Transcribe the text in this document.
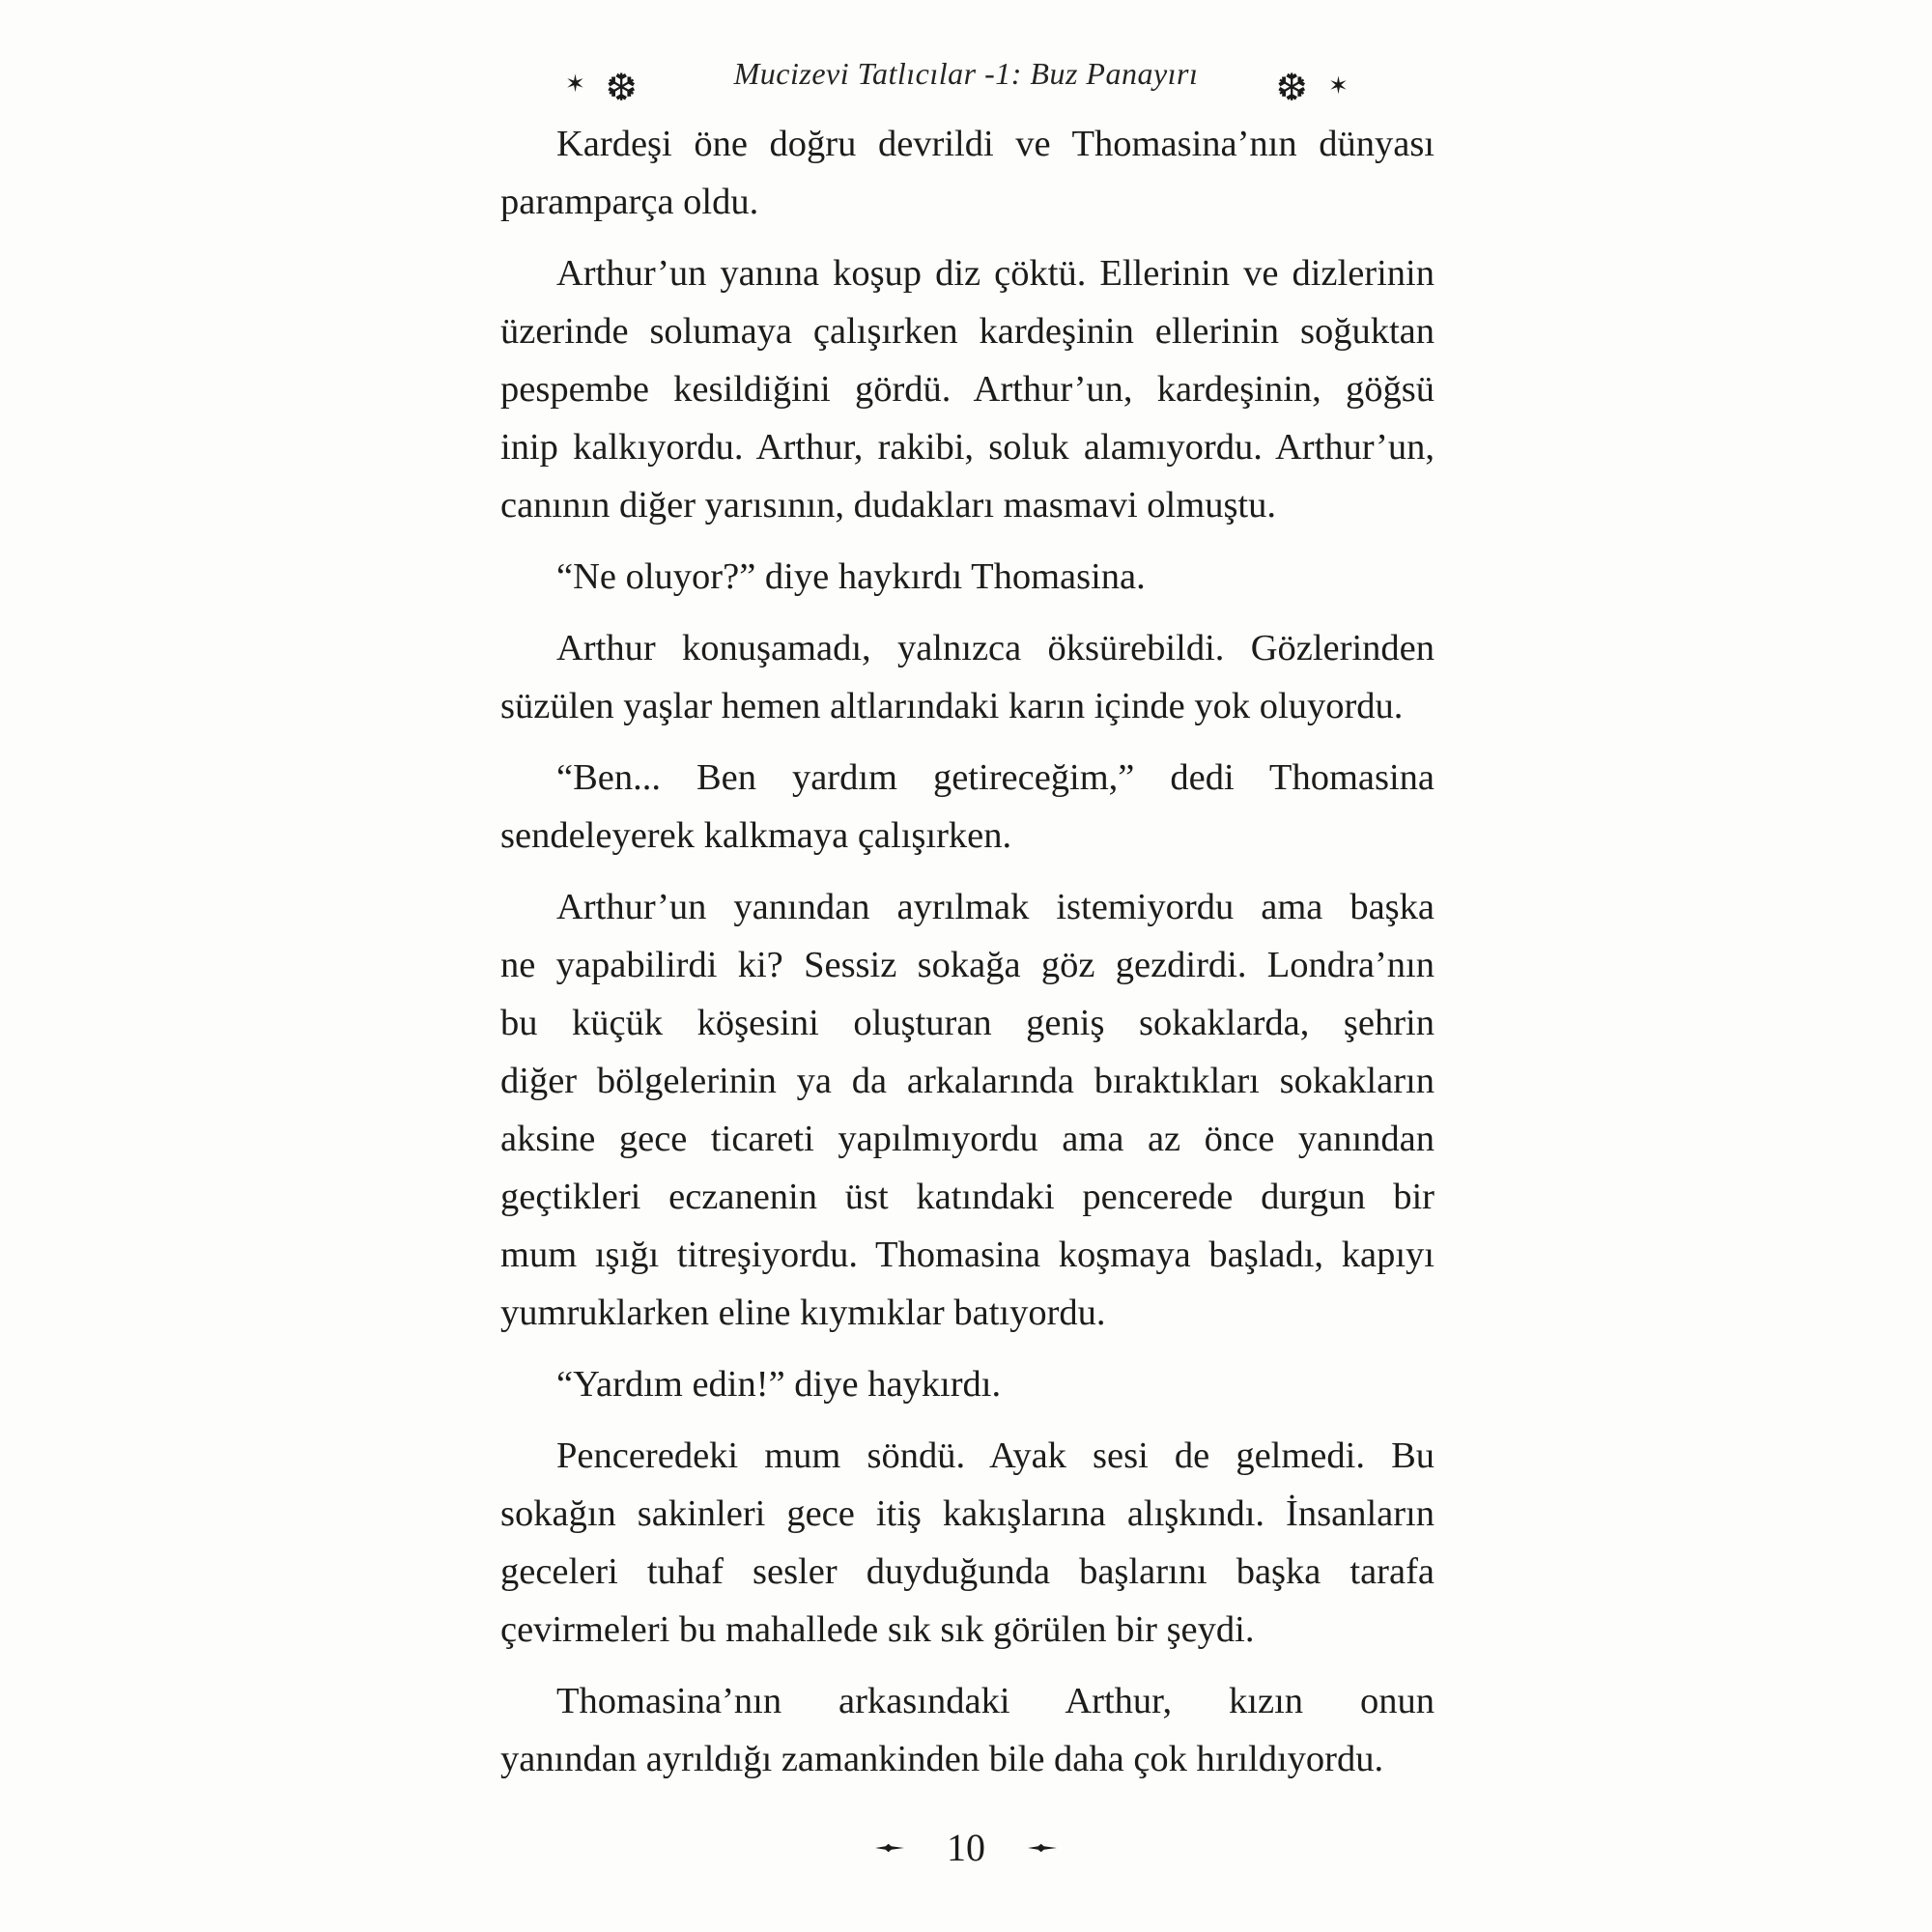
✶ ❆	Mucizevi Tatlıcılar -1: Buz Panayırı	❆ ✶
Kardeşi öne doğru devrildi ve Thomasina’nın dünyası
paramparça oldu.
Arthur’un yanına koşup diz çöktü. Ellerinin ve dizlerinin
üzerinde solumaya çalışırken kardeşinin ellerinin soğuktan
pespembe kesildiğini gördü. Arthur’un, kardeşinin, göğsü
inip kalkıyordu. Arthur, rakibi, soluk alamıyordu. Arthur’un,
canının diğer yarısının, dudakları masmavi olmuştu.
“Ne oluyor?” diye haykırdı Thomasina.
Arthur konuşamadı, yalnızca öksürebildi. Gözlerinden
süzülen yaşlar hemen altlarındaki karın içinde yok oluyordu.
“Ben... Ben yardım getireceğim,” dedi Thomasina
sendeleyerek kalkmaya çalışırken.
Arthur’un yanından ayrılmak istemiyordu ama başka
ne yapabilirdi ki? Sessiz sokağa göz gezdirdi. Londra’nın
bu küçük köşesini oluşturan geniş sokaklarda, şehrin
diğer bölgelerinin ya da arkalarında bıraktıkları sokakların
aksine gece ticareti yapılmıyordu ama az önce yanından
geçtikleri eczanenin üst katındaki pencerede durgun bir
mum ışığı titreşiyordu. Thomasina koşmaya başladı, kapıyı
yumruklarken eline kıymıklar batıyordu.
“Yardım edin!” diye haykırdı.
Penceredeki mum söndü. Ayak sesi de gelmedi. Bu
sokağın sakinleri gece itiş kakışlarına alışkındı. İnsanların
geceleri tuhaf sesler duyduğunda başlarını başka tarafa
çevirmeleri bu mahallede sık sık görülen bir şeydi.
Thomasina’nın arkasındaki Arthur, kızın onun
yanından ayrıldığı zamankinden bile daha çok hırıldıyordu.
10
